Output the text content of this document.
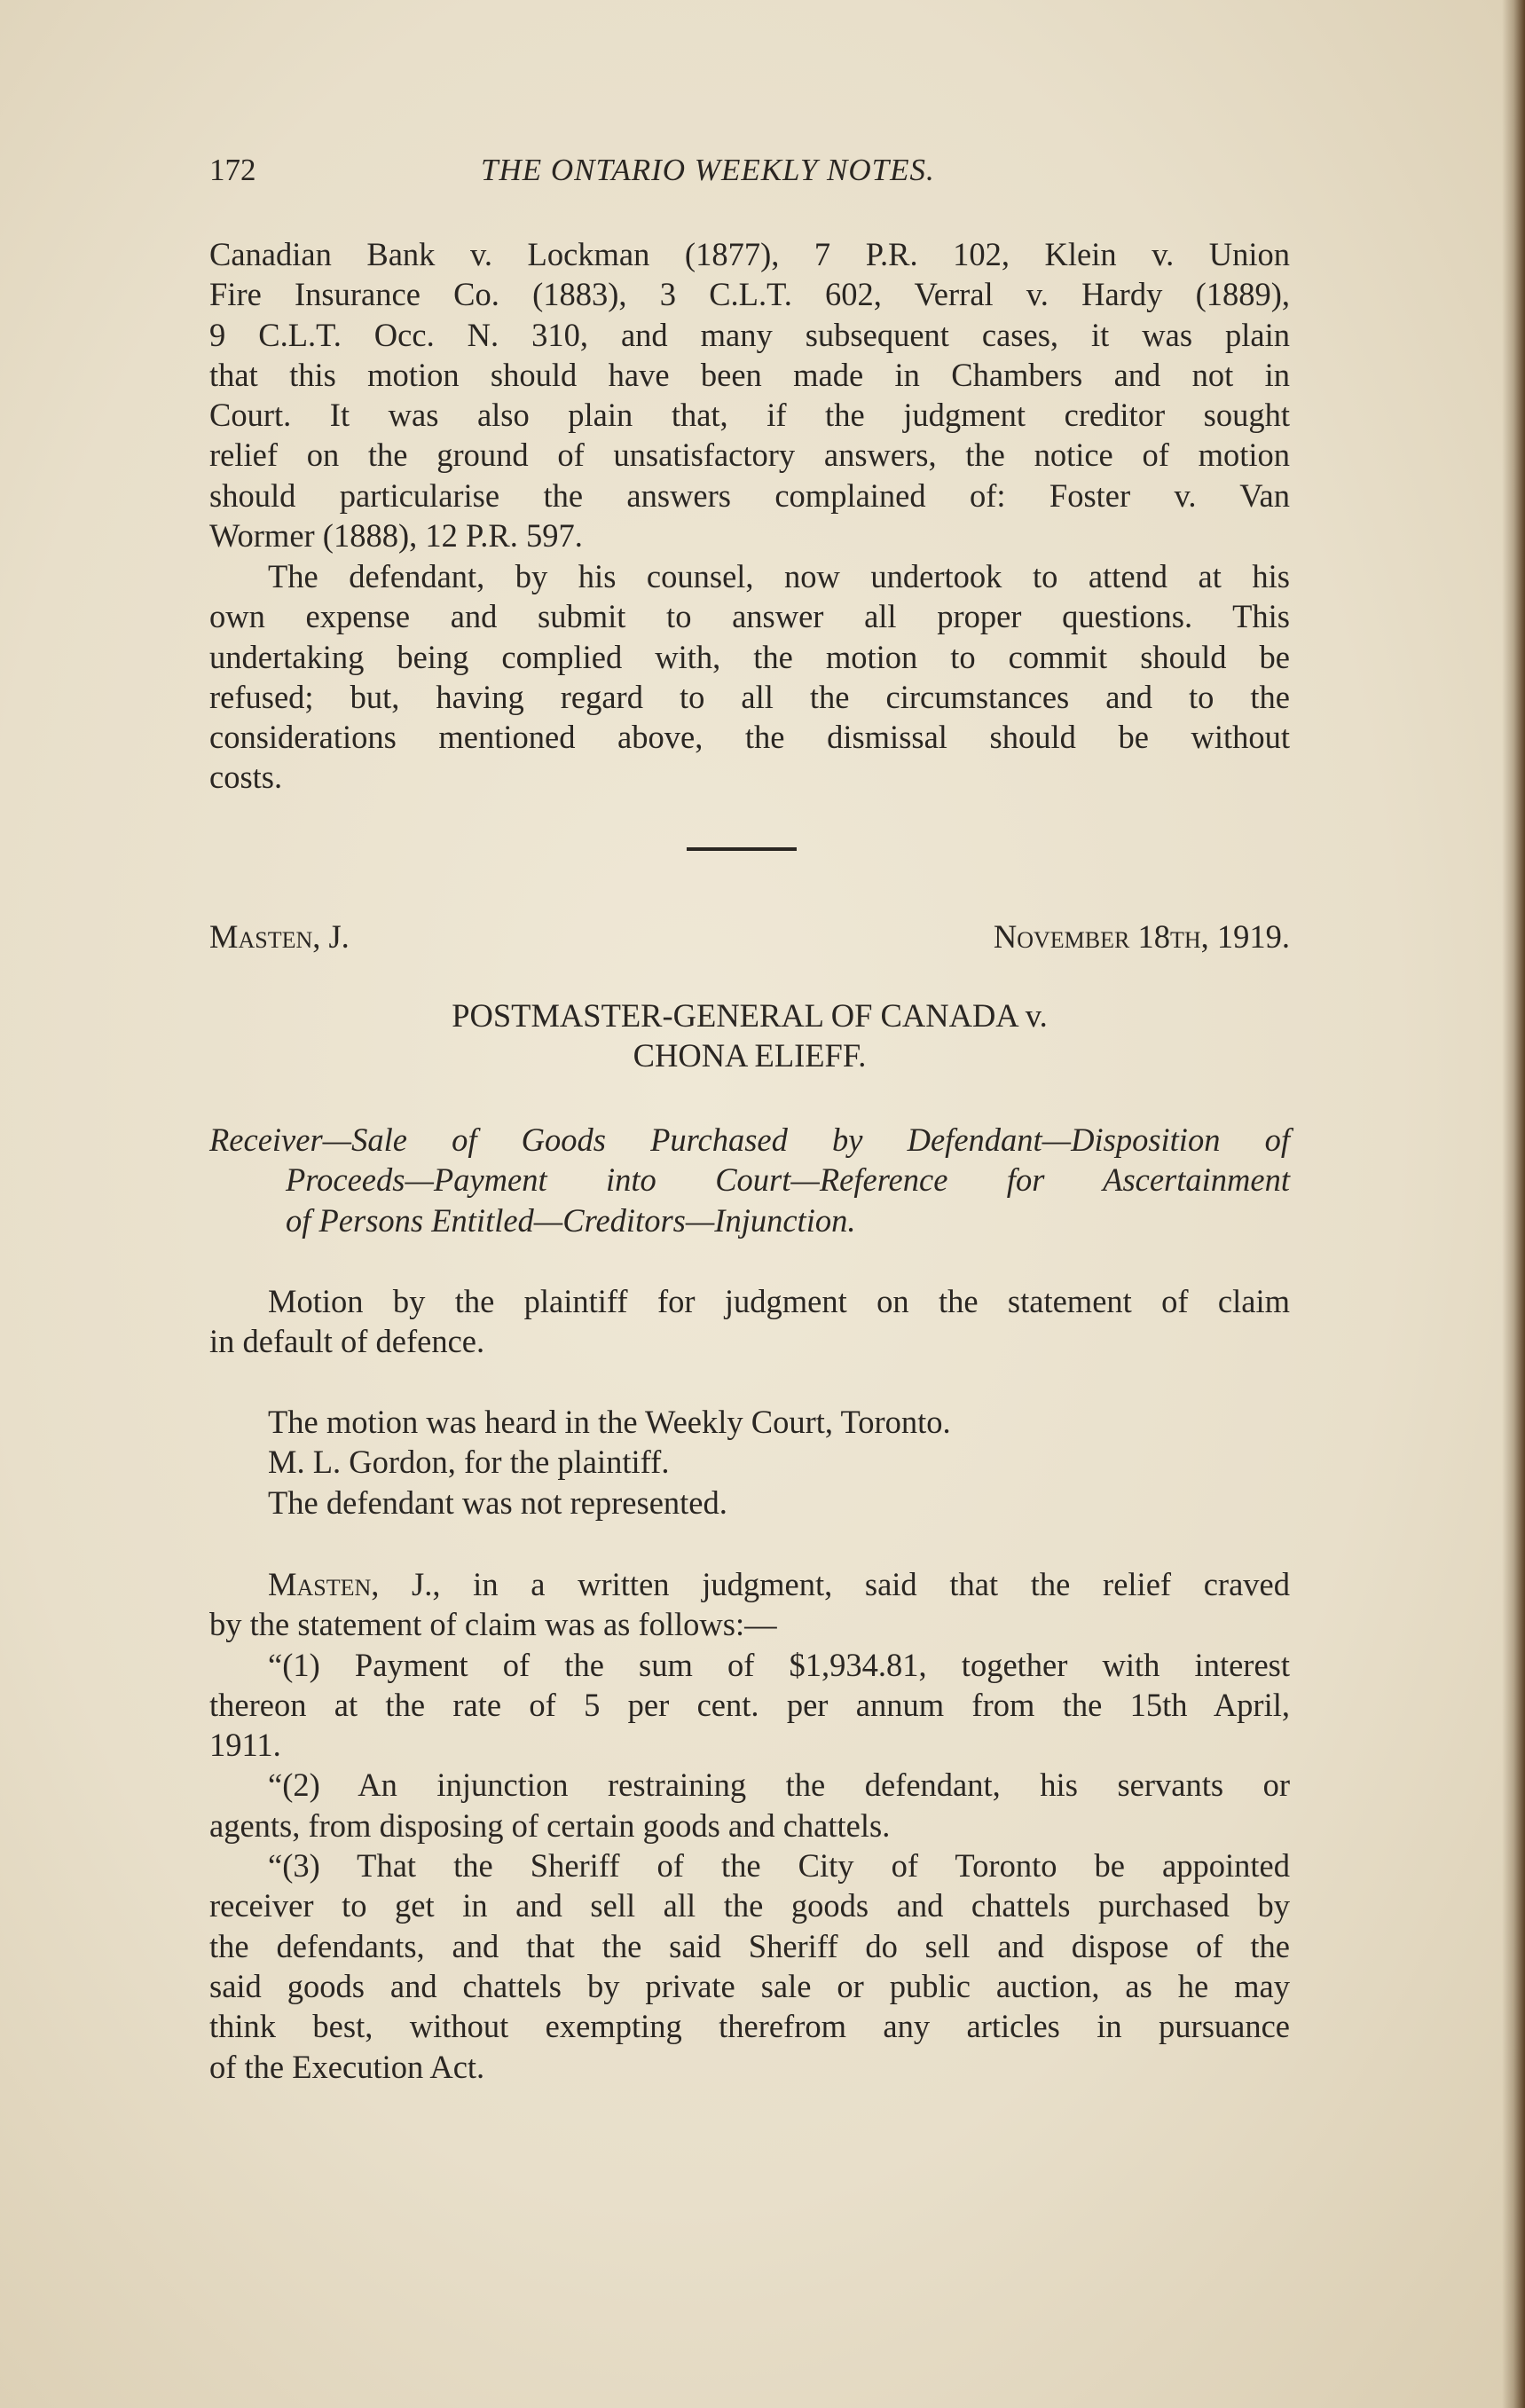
172	THE ONTARIO WEEKLY NOTES.
Canadian Bank v. Lockman (1877), 7 P.R. 102, Klein v. Union
Fire Insurance Co. (1883), 3 C.L.T. 602, Verral v. Hardy (1889),
9 C.L.T. Occ. N. 310, and many subsequent cases, it was plain
that this motion should have been made in Chambers and not in
Court. It was also plain that, if the judgment creditor sought
relief on the ground of unsatisfactory answers, the notice of motion
should particularise the answers complained of: Foster v. Van
Wormer (1888), 12 P.R. 597.
The defendant, by his counsel, now undertook to attend at his
own expense and submit to answer all proper questions. This
undertaking being complied with, the motion to commit should be
refused; but, having regard to all the circumstances and to the
considerations mentioned above, the dismissal should be without
costs.
Masten, J.	November 18th, 1919.
POSTMASTER-GENERAL OF CANADA v.
CHONA ELIEFF.
Receiver—Sale of Goods Purchased by Defendant—Disposition of
Proceeds—Payment into Court—Reference for Ascertainment
of Persons Entitled—Creditors—Injunction.
Motion by the plaintiff for judgment on the statement of claim
in default of defence.
The motion was heard in the Weekly Court, Toronto.
M. L. Gordon, for the plaintiff.
The defendant was not represented.
Masten, J., in a written judgment, said that the relief craved
by the statement of claim was as follows:—
“(1) Payment of the sum of $1,934.81, together with interest
thereon at the rate of 5 per cent. per annum from the 15th April,
1911.
“(2) An injunction restraining the defendant, his servants or
agents, from disposing of certain goods and chattels.
“(3) That the Sheriff of the City of Toronto be appointed
receiver to get in and sell all the goods and chattels purchased by
the defendants, and that the said Sheriff do sell and dispose of the
said goods and chattels by private sale or public auction, as he may
think best, without exempting therefrom any articles in pursuance
of the Execution Act.
